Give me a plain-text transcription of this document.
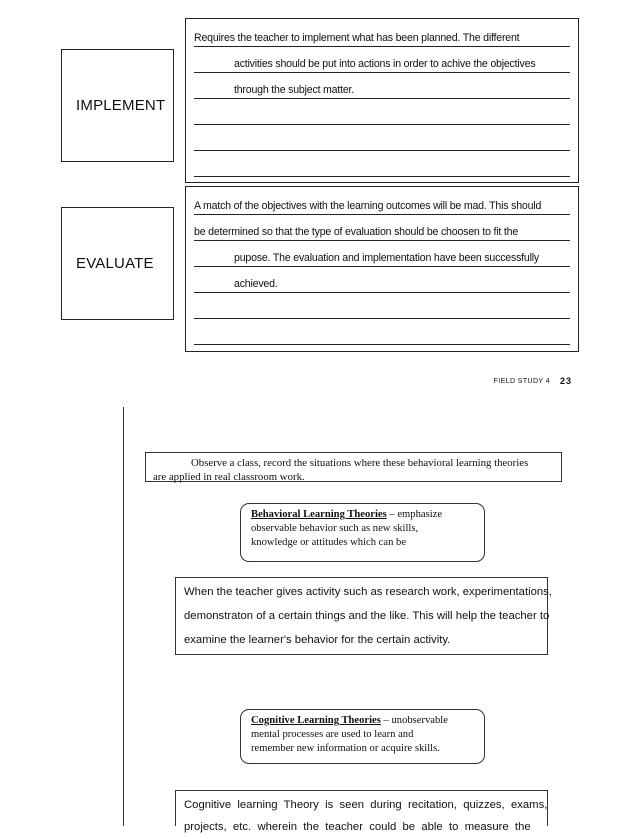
IMPLEMENT
Requires the teacher to implement what has been planned. The different
activities should be put into actions in order to achive the objectives
through the subject matter.
EVALUATE
A match of the objectives with the learning outcomes will be mad. This should
be determined so that the type of evaluation should be choosen to fit the
pupose. The evaluation and implementation have been successfully
achieved.
FIELD STUDY 4 23
Observe a class, record the situations where these behavioral learning theories
are applied in real classroom work.
Behavioral Learning Theories – emphasize
observable behavior such as new skills,
knowledge or attitudes which can be
When the teacher gives activity such as research work, experimentations,
demonstraton of a certain things and the like. This will help the teacher to
examine the learner's behavior for the certain activity.
Cognitive Learning Theories – unobservable
mental processes are used to learn and
remember new information or acquire skills.
Cognitive  learning  Theory  is  seen  during  recitation,  quizzes,  exams,
projects,  etc.  wherein  the  teacher  could  be  able  to  measure  the
